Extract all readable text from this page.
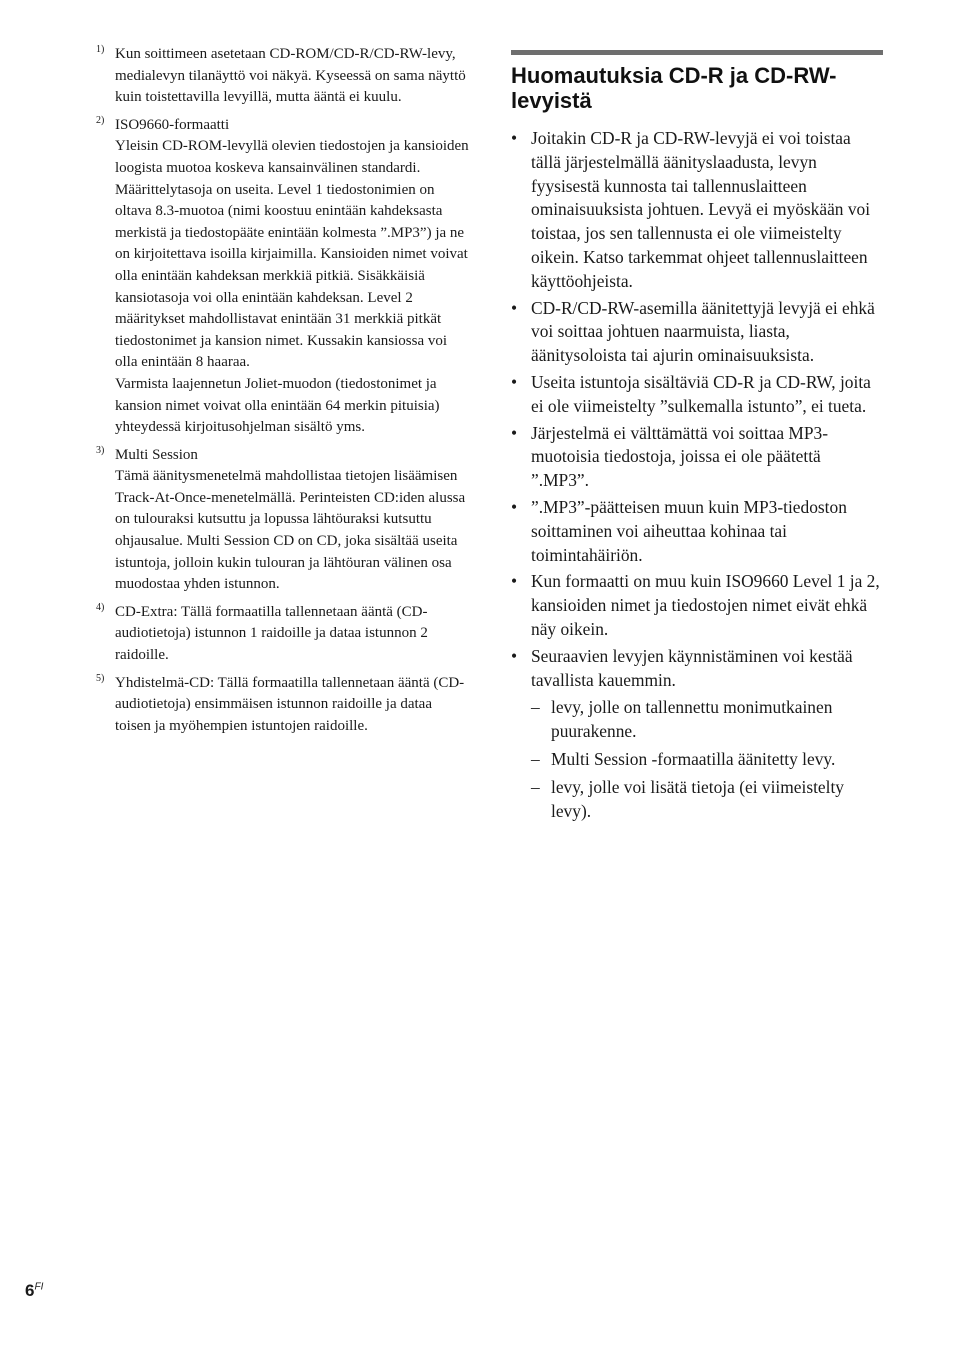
1) Kun soittimeen asetetaan CD-ROM/CD-R/CD-RW-levy, medialevyn tilanäyttö voi näkyä. Kyseessä on sama näyttö kuin toistettavilla levyillä, mutta ääntä ei kuulu.

2) ISO9660-formaatti

Yleisin CD-ROM-levyllä olevien tiedostojen ja kansioiden loogista muotoa koskeva kansainvälinen standardi. Määrittelytasoja on useita. Level 1 tiedostonimien on oltava 8.3-muotoa (nimi koostuu enintään kahdeksasta merkistä ja tiedostopääte enintään kolmesta ”.MP3”) ja ne on kirjoitettava isoilla kirjaimilla. Kansioiden nimet voivat olla enintään kahdeksan merkkiä pitkiä. Sisäkkäisiä kansiotasoja voi olla enintään kahdeksan. Level 2 määritykset mahdollistavat enintään 31 merkkiä pitkät tiedostonimet ja kansion nimet. Kussakin kansiossa voi olla enintään 8 haaraa.

Varmista laajennetun Joliet-muodon (tiedostonimet ja kansion nimet voivat olla enintään 64 merkin pituisia) yhteydessä kirjoitusohjelman sisältö yms.

3) Multi Session

Tämä äänitysmenetelmä mahdollistaa tietojen lisäämisen Track-At-Once-menetelmällä. Perinteisten CD:iden alussa on tulouraksi kutsuttu ja lopussa lähtöuraksi kutsuttu ohjausalue. Multi Session CD on CD, joka sisältää useita istuntoja, jolloin kukin tulouran ja lähtöuran välinen osa muodostaa yhden istunnon.

4) CD-Extra: Tällä formaatilla tallennetaan ääntä (CD-audiotietoja) istunnon 1 raidoille ja dataa istunnon 2 raidoille.

5) Yhdistelmä-CD: Tällä formaatilla tallennetaan ääntä (CD-audiotietoja) ensimmäisen istunnon raidoille ja dataa toisen ja myöhempien istuntojen raidoille.

Huomautuksia CD-R ja CD-RW-levyistä
• Joitakin CD-R ja CD-RW-levyjä ei voi toistaa tällä järjestelmällä äänityslaadusta, levyn fyysisestä kunnosta tai tallennuslaitteen ominaisuuksista johtuen. Levyä ei myöskään voi toistaa, jos sen tallennusta ei ole viimeistelty oikein. Katso tarkemmat ohjeet tallennuslaitteen käyttöohjeista.
• CD-R/CD-RW-asemilla äänitettyjä levyjä ei ehkä voi soittaa johtuen naarmuista, liasta, äänitysoloista tai ajurin ominaisuuksista.
• Useita istuntoja sisältäviä CD-R ja CD-RW, joita ei ole viimeistelty ”sulkemalla istunto”, ei tueta.
• Järjestelmä ei välttämättä voi soittaa MP3-muotoisia tiedostoja, joissa ei ole päätettä ”.MP3”.
• ”.MP3”-päätteisen muun kuin MP3-tiedoston soittaminen voi aiheuttaa kohinaa tai toimintahäiriön.
• Kun formaatti on muu kuin ISO9660 Level 1 ja 2, kansioiden nimet ja tiedostojen nimet eivät ehkä näy oikein.
• Seuraavien levyjen käynnistäminen voi kestää tavallista kauemmin.
– levy, jolle on tallennettu monimutkainen puurakenne.
– Multi Session -formaatilla äänitetty levy.
– levy, jolle voi lisätä tietoja (ei viimeistelty levy).
$6^{FI}$
